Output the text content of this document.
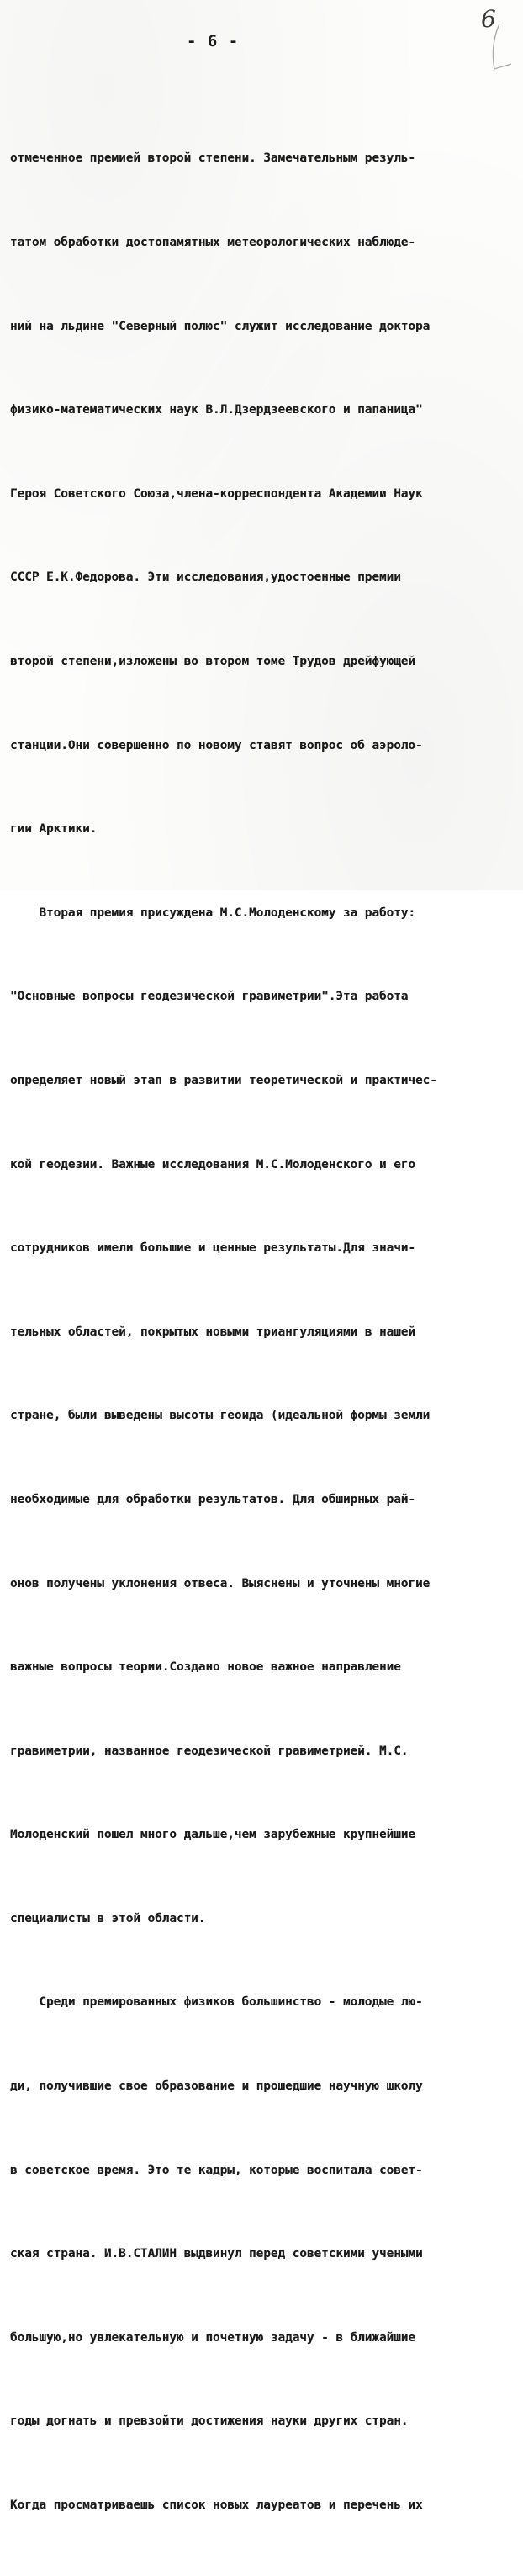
- 6 -
6

отмеченное премией второй степени. Замечательным резуль-

татом обработки достопамятных метеорологических наблюде-

ний на льдине "Северный полюс" служит исследование доктора

физико-математических наук В.Л.Дзердзеевского и папаница"

Героя Советского Союза,члена-корреспондента Академии Наук

СССР Е.К.Федорова. Эти исследования,удостоенные премии

второй степени,изложены во втором томе Трудов дрейфующей

станции.Они совершенно по новому ставят вопрос об аэроло-

гии Арктики.

Вторая премия присуждена М.С.Молоденскому за работу:

"Основные вопросы геодезической гравиметрии".Эта работа

определяет новый этап в развитии теоретической и практичес-

кой геодезии. Важные исследования М.С.Молоденского и его

сотрудников имели большие и ценные результаты.Для значи-

тельных областей, покрытых новыми триангуляциями в нашей

стране, были выведены высоты геоида (идеальной формы земли

необходимые для обработки результатов. Для обширных рай-

онов получены уклонения отвеса. Выяснены и уточнены многие

важные вопросы теории.Создано новое важное направление

гравиметрии, названное геодезической гравиметрией. М.С.

Молоденский пошел много дальше,чем зарубежные крупнейшие

специалисты в этой области.

Среди премированных физиков большинство - молодые лю-

ди, получившие свое образование и прошедшие научную школу

в советское время. Это те кадры, которые воспитала совет-

ская страна. И.В.СТАЛИН выдвинул перед советскими учеными

большую,но увлекательную и почетную задачу - в ближайшие

годы догнать и превзойти достижения науки других стран.

Когда просматриваешь список новых лауреатов и перечень их
